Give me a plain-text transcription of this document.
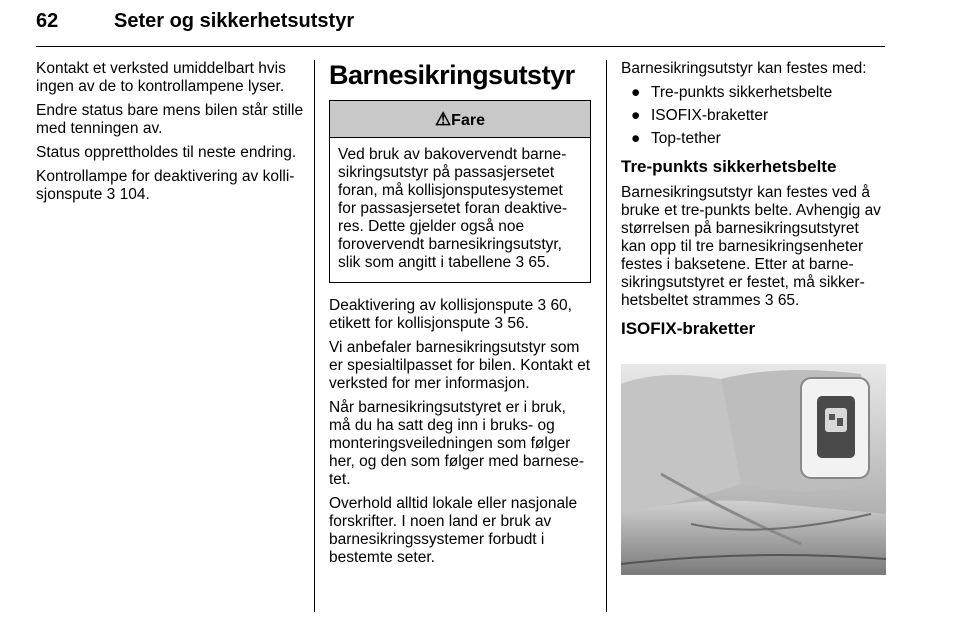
62	Seter og sikkerhetsutstyr

Kontakt et verksted umiddelbart hvis ingen av de to kontrollampene lyser.

Endre status bare mens bilen står stille med tenningen av.

Status opprettholdes til neste endring.

Kontrollampe for deaktivering av kollisjonspute 3 104.

Barnesikringsutstyr
⚠Fare
Ved bruk av bakovervendt barnesikringsutstyr på passasjersetet foran, må kollisjonsputesystemet for passasjersetet foran deaktiveres. Dette gjelder også noe forovervendt barnesikringsutstyr, slik som angitt i tabellene 3 65.

Deaktivering av kollisjonspute 3 60,
etikett for kollisjonspute 3 56.

Vi anbefaler barnesikringsutstyr som er spesialtilpasset for bilen. Kontakt et verksted for mer informasjon.

Når barnesikringsutstyret er i bruk, må du ha satt deg inn i bruks- og monteringsveiledningen som følger her, og den som følger med barnesetet.

Overhold alltid lokale eller nasjonale forskrifter. I noen land er bruk av barnesikringssystemer forbudt i bestemte seter.

Barnesikringsutstyr kan festes med:

● Tre-punkts sikkerhetsbelte
● ISOFIX-braketter
● Top-tether
Tre-punkts sikkerhetsbelte

Barnesikringsutstyr kan festes ved å bruke et tre-punkts belte. Avhengig av størrelsen på barnesikringsutstyret kan opp til tre barnesikringsenheter festes i baksetene. Etter at barnesikringsutstyret er festet, må sikkerhetsbeltet strammes 3 65.

ISOFIX-braketter
